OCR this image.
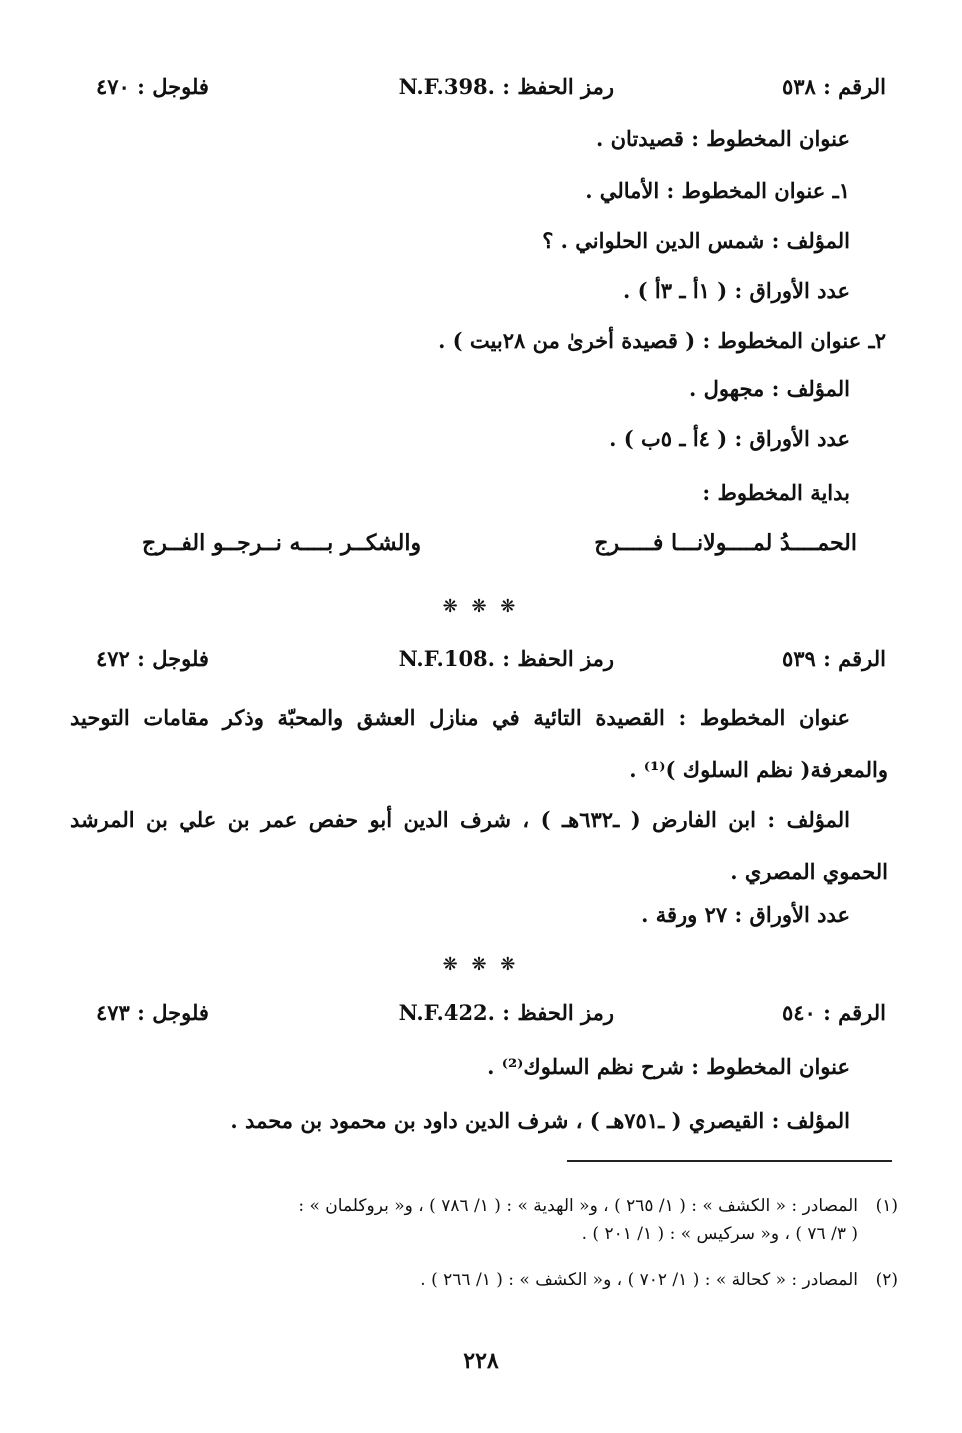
الرقم : ٥٣٨
رمز الحفظ : .N.F.398
فلوجل : ٤٧٠
عنوان المخطوط : قصيدتان .
١ـ عنوان المخطوط : الأمالي .
المؤلف : شمس الدين الحلواني . ؟
عدد الأوراق : ( ١أ ـ ٣أ ) .
٢ـ عنوان المخطوط : ( قصيدة أخرىٰ من ٢٨بيت ) .
المؤلف : مجهول .
عدد الأوراق : ( ٤أ ـ ٥ب ) .
بداية المخطوط :
الحمــــدُ لمــــولانـــا فـــــرج
والشكــر بــــه نــرجــو الفــرج
❋ ❋ ❋
الرقم : ٥٣٩
رمز الحفظ : .N.F.108
فلوجل : ٤٧٢
عنوان المخطوط : القصيدة التائية في منازل العشق والمحبّة وذكر مقامات التوحيد والمعرفة( نظم السلوك )⁽¹⁾ .
المؤلف : ابن الفارض ( ـ٦٣٢هـ ) ، شرف الدين أبو حفص عمر بن علي بن المرشد الحموي المصري .
عدد الأوراق : ٢٧ ورقة .
❋ ❋ ❋
الرقم : ٥٤٠
رمز الحفظ : .N.F.422
فلوجل : ٤٧٣
عنوان المخطوط : شرح نظم السلوك⁽²⁾ .
المؤلف : القيصري ( ـ٧٥١هـ ) ، شرف الدين داود بن محمود بن محمد .
(١)المصادر : « الكشف » : ( ١/ ٢٦٥ ) ، و« الهدية » : ( ١/ ٧٨٦ ) ، و« بروكلمان » :
( ٣/ ٧٦ ) ، و« سركيس » : ( ١/ ٢٠١ ) .
(٢)المصادر : « كحالة » : ( ١/ ٧٠٢ ) ، و« الكشف » : ( ١/ ٢٦٦ ) .
٢٢٨
